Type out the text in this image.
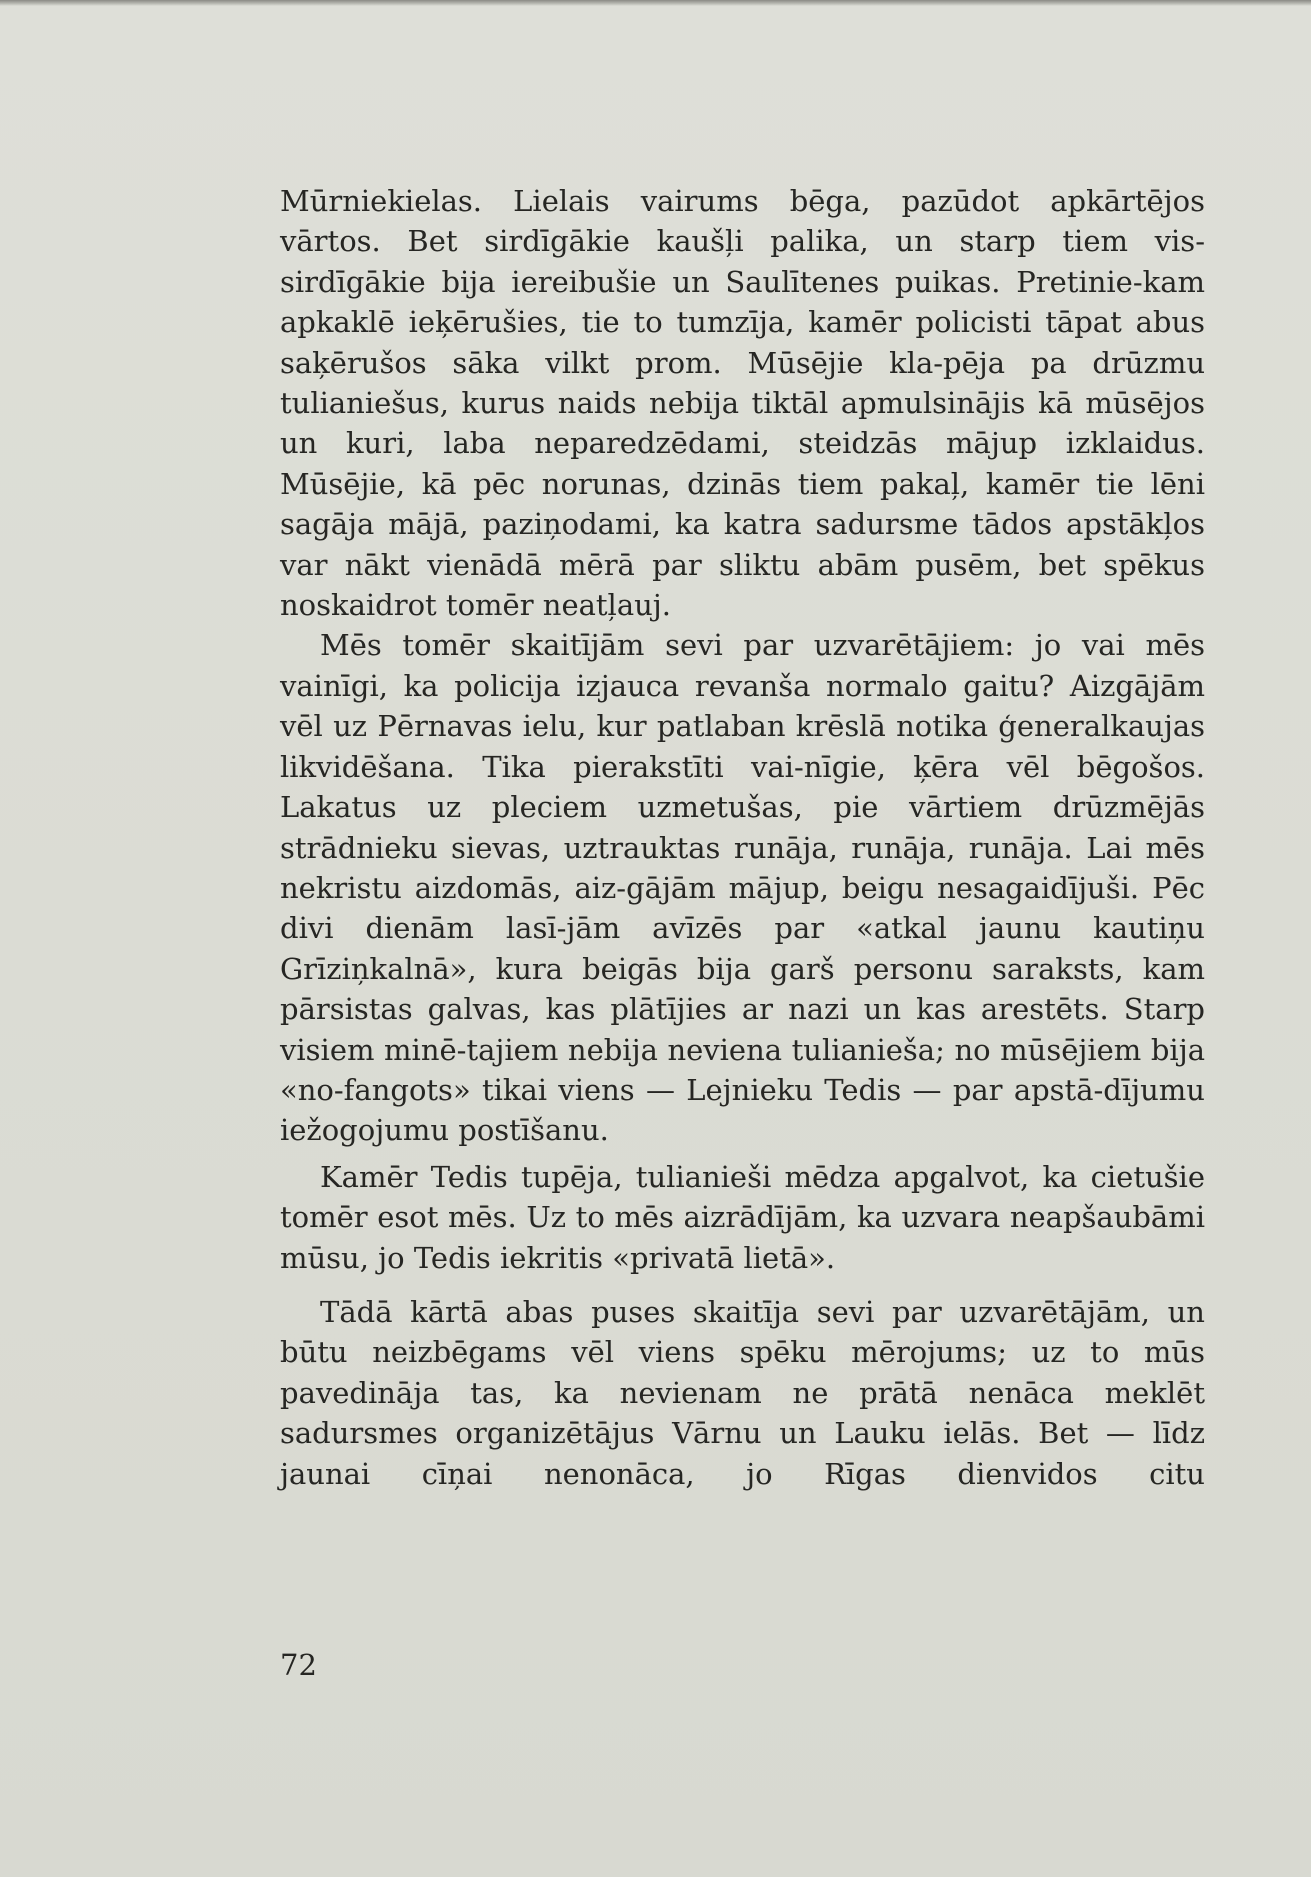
Mūrniekielas. Lielais vairums bēga, pazūdot apkārtējos vārtos. Bet sirdīgākie kaušļi palika, un starp tiem vis-sirdīgākie bija iereibušie un Saulītenes puikas. Pretinie-kam apkaklē ieķērušies, tie to tumzīja, kamēr policisti tāpat abus saķērušos sāka vilkt prom. Mūsējie kla-pēja pa drūzmu tulianiešus, kurus naids nebija tiktāl apmulsinājis kā mūsējos un kuri, laba neparedzēdami, steidzās mājup izklaidus. Mūsējie, kā pēc norunas, dzinās tiem pakaļ, kamēr tie lēni sagāja mājā, paziņodami, ka katra sadursme tādos apstākļos var nākt vienādā mērā par sliktu abām pusēm, bet spēkus noskaidrot tomēr neatļauj.

Mēs tomēr skaitījām sevi par uzvarētājiem: jo vai mēs vainīgi, ka policija izjauca revanša normalo gaitu? Aizgājām vēl uz Pērnavas ielu, kur patlaban krēslā notika ģeneralkaujas likvidēšana. Tika pierakstīti vai-nīgie, ķēra vēl bēgošos. Lakatus uz pleciem uzmetušas, pie vārtiem drūzmējās strādnieku sievas, uztrauktas runāja, runāja, runāja. Lai mēs nekristu aizdomās, aiz-gājām mājup, beigu nesagaidījuši. Pēc divi dienām lasī-jām avīzēs par «atkal jaunu kautiņu Grīziņkalnā», kura beigās bija garš personu saraksts, kam pārsistas galvas, kas plātījies ar nazi un kas arestēts. Starp visiem minē-tajiem nebija neviena tulianieša; no mūsējiem bija «no-fangots» tikai viens — Lejnieku Tedis — par apstā-dījumu iežogojumu postīšanu.

Kamēr Tedis tupēja, tulianieši mēdza apgalvot, ka cietušie tomēr esot mēs. Uz to mēs aizrādījām, ka uzvara neapšaubāmi mūsu, jo Tedis iekritis «privatā lietā».

Tādā kārtā abas puses skaitīja sevi par uzvarētājām, un būtu neizbēgams vēl viens spēku mērojums; uz to mūs pavedināja tas, ka nevienam ne prātā nenāca meklēt sadursmes organizētājus Vārnu un Lauku ielās. Bet — līdz jaunai cīņai nenonāca, jo Rīgas dienvidos citu

72
